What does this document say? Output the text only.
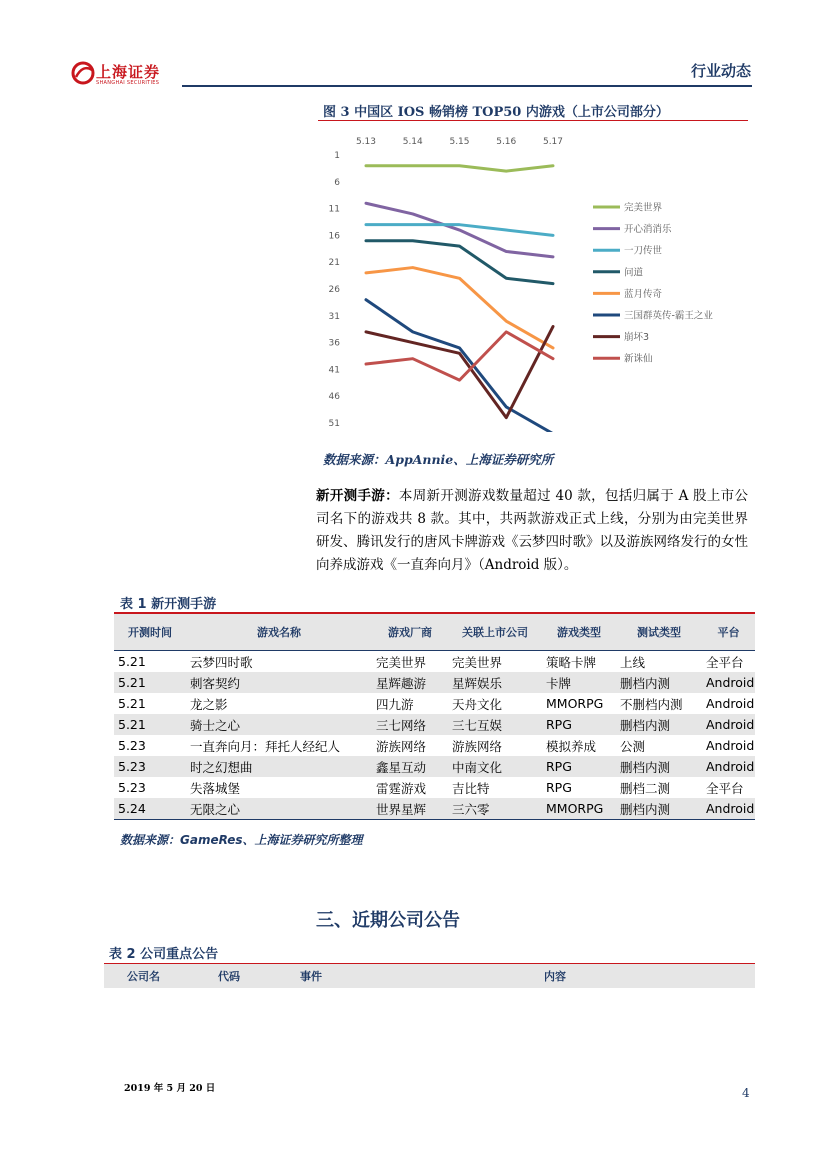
上海证券
SHANGHAI SECURITIES
行业动态
图 3 中国区 IOS 畅销榜 TOP50 内游戏（上市公司部分）
5.13	5.14	5.15	5.16	5.17
1
6
11
16
21
26
31
36
41
46
51
完美世界
开心消消乐
一刀传世
问道
蓝月传奇
三国群英传-霸王之业
崩坏3
新诛仙
数据来源：AppAnnie、上海证券研究所
新开测手游：本周新开测游戏数量超过 40 款，包括归属于 A 股上市公司名下的游戏共 8 款。其中，共两款游戏正式上线，分别为由完美世界研发、腾讯发行的唐风卡牌游戏《云梦四时歌》以及游族网络发行的女性向养成游戏《一直奔向月》（Android 版）。
表 1 新开测手游
开测时间	游戏名称	游戏厂商	关联上市公司	游戏类型	测试类型	平台
5.21	云梦四时歌	完美世界	完美世界	策略卡牌	上线	全平台
5.21	刺客契约	星辉趣游	星辉娱乐	卡牌	删档内测	Android
5.21	龙之影	四九游	天舟文化	MMORPG	不删档内测	Android
5.21	骑士之心	三七网络	三七互娱	RPG	删档内测	Android
5.23	一直奔向月：拜托人经纪人	游族网络	游族网络	模拟养成	公测	Android
5.23	时之幻想曲	鑫星互动	中南文化	RPG	删档内测	Android
5.23	失落城堡	雷霆游戏	吉比特	RPG	删档二测	全平台
5.24	无限之心	世界星辉	三六零	MMORPG	删档内测	Android
数据来源：GameRes、上海证券研究所整理
三、近期公司公告
表 2 公司重点公告
公司名	代码	事件	内容
2019 年 5 月 20 日	4
